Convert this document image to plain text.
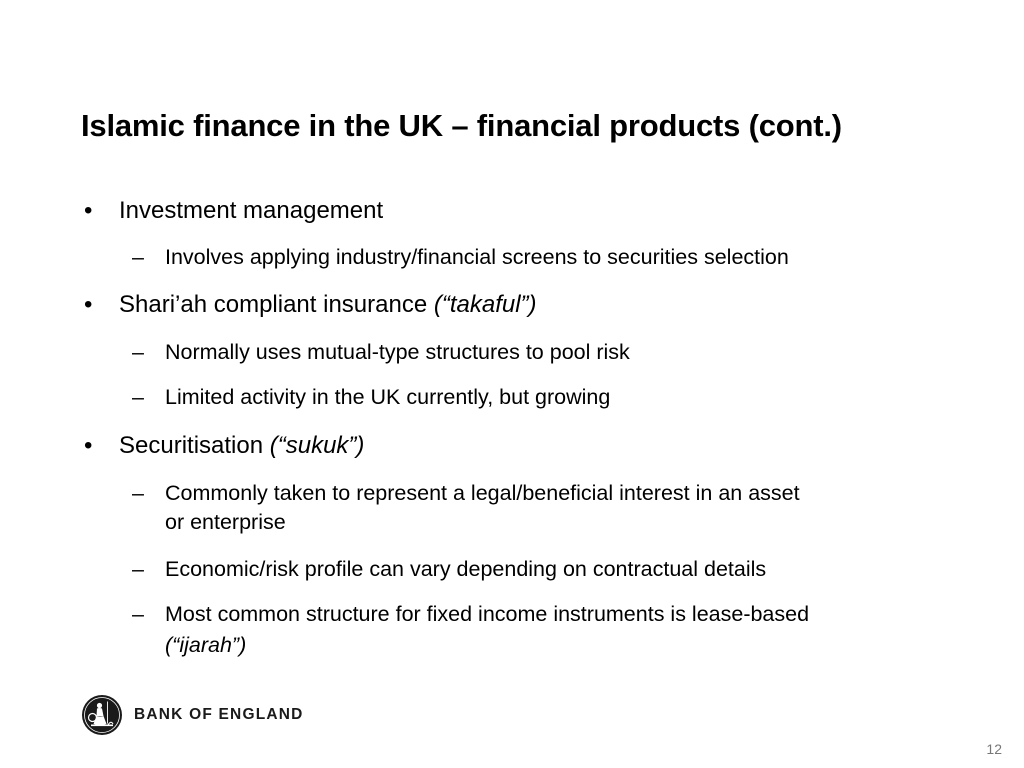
Islamic finance in the UK – financial products (cont.)
• Investment management
– Involves applying industry/financial screens to securities selection
• Shari’ah compliant insurance (“takaful”)
– Normally uses mutual-type structures to pool risk
– Limited activity in the UK currently, but growing
• Securitisation (“sukuk”)
– Commonly taken to represent a legal/beneficial interest in an asset
or enterprise
– Economic/risk profile can vary depending on contractual details
– Most common structure for fixed income instruments is lease-based
(“ijarah”)
BANK OF ENGLAND
12
